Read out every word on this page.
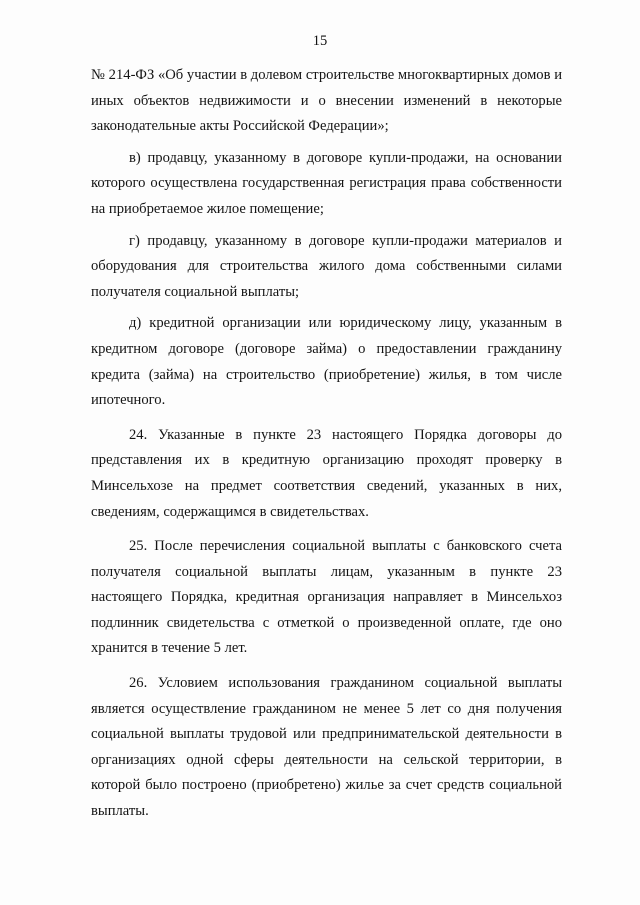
15

№ 214-ФЗ «Об участии в долевом строительстве многоквартирных домов и иных объектов недвижимости и о внесении изменений в некоторые законодательные акты Российской Федерации»;

в) продавцу, указанному в договоре купли-продажи, на основании которого осуществлена государственная регистрация права собственности на приобретаемое жилое помещение;

г) продавцу, указанному в договоре купли-продажи материалов и оборудования для строительства жилого дома собственными силами получателя социальной выплаты;

д) кредитной организации или юридическому лицу, указанным в кредитном договоре (договоре займа) о предоставлении гражданину кредита (займа) на строительство (приобретение) жилья, в том числе ипотечного.

24. Указанные в пункте 23 настоящего Порядка договоры до представления их в кредитную организацию проходят проверку в Минсельхозе на предмет соответствия сведений, указанных в них, сведениям, содержащимся в свидетельствах.

25. После перечисления социальной выплаты с банковского счета получателя социальной выплаты лицам, указанным в пункте 23 настоящего Порядка, кредитная организация направляет в Минсельхоз подлинник свидетельства с отметкой о произведенной оплате, где оно хранится в течение 5 лет.

26. Условием использования гражданином социальной выплаты является осуществление гражданином не менее 5 лет со дня получения социальной выплаты трудовой или предпринимательской деятельности в организациях одной сферы деятельности на сельской территории, в которой было построено (приобретено) жилье за счет средств социальной выплаты.
